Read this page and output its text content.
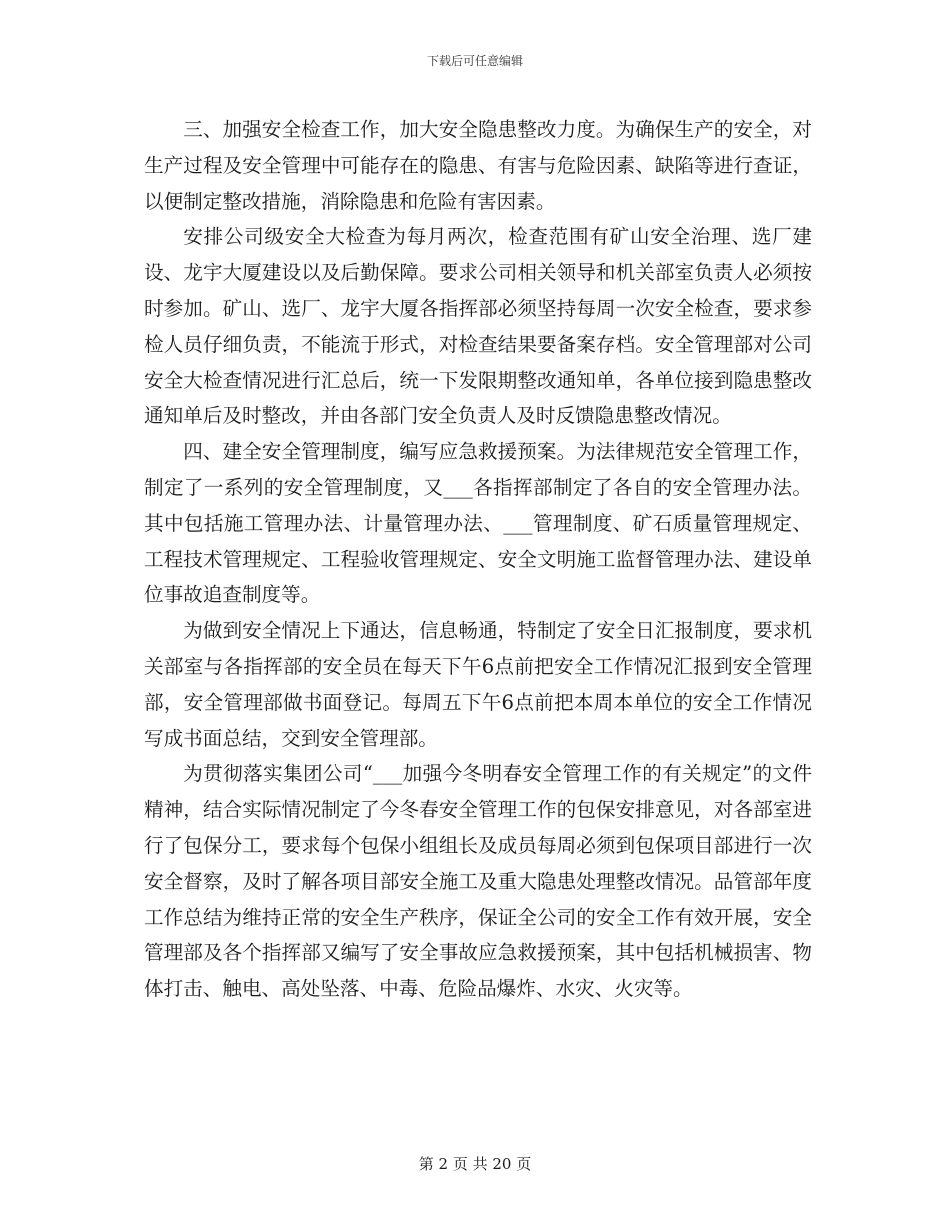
下载后可任意编辑

三、加强安全检查工作，加大安全隐患整改力度。为确保生产的安全，对生产过程及安全管理中可能存在的隐患、有害与危险因素、缺陷等进行查证，以便制定整改措施，消除隐患和危险有害因素。

安排公司级安全大检查为每月两次，检查范围有矿山安全治理、选厂建设、龙宇大厦建设以及后勤保障。要求公司相关领导和机关部室负责人必须按时参加。矿山、选厂、龙宇大厦各指挥部必须坚持每周一次安全检查，要求参检人员仔细负责，不能流于形式，对检查结果要备案存档。安全管理部对公司安全大检查情况进行汇总后，统一下发限期整改通知单，各单位接到隐患整改通知单后及时整改，并由各部门安全负责人及时反馈隐患整改情况。

四、建全安全管理制度，编写应急救援预案。为法律规范安全管理工作，制定了一系列的安全管理制度，又___各指挥部制定了各自的安全管理办法。其中包括施工管理办法、计量管理办法、___管理制度、矿石质量管理规定、工程技术管理规定、工程验收管理规定、安全文明施工监督管理办法、建设单位事故追查制度等。

为做到安全情况上下通达，信息畅通，特制定了安全日汇报制度，要求机关部室与各指挥部的安全员在每天下午6点前把安全工作情况汇报到安全管理部，安全管理部做书面登记。每周五下午6点前把本周本单位的安全工作情况写成书面总结，交到安全管理部。

为贯彻落实集团公司“___加强今冬明春安全管理工作的有关规定”的文件精神，结合实际情况制定了今冬春安全管理工作的包保安排意见，对各部室进行了包保分工，要求每个包保小组组长及成员每周必须到包保项目部进行一次安全督察，及时了解各项目部安全施工及重大隐患处理整改情况。品管部年度工作总结为维持正常的安全生产秩序，保证全公司的安全工作有效开展，安全管理部及各个指挥部又编写了安全事故应急救援预案，其中包括机械损害、物体打击、触电、高处坠落、中毒、危险品爆炸、水灾、火灾等。

第 2 页 共 20 页
